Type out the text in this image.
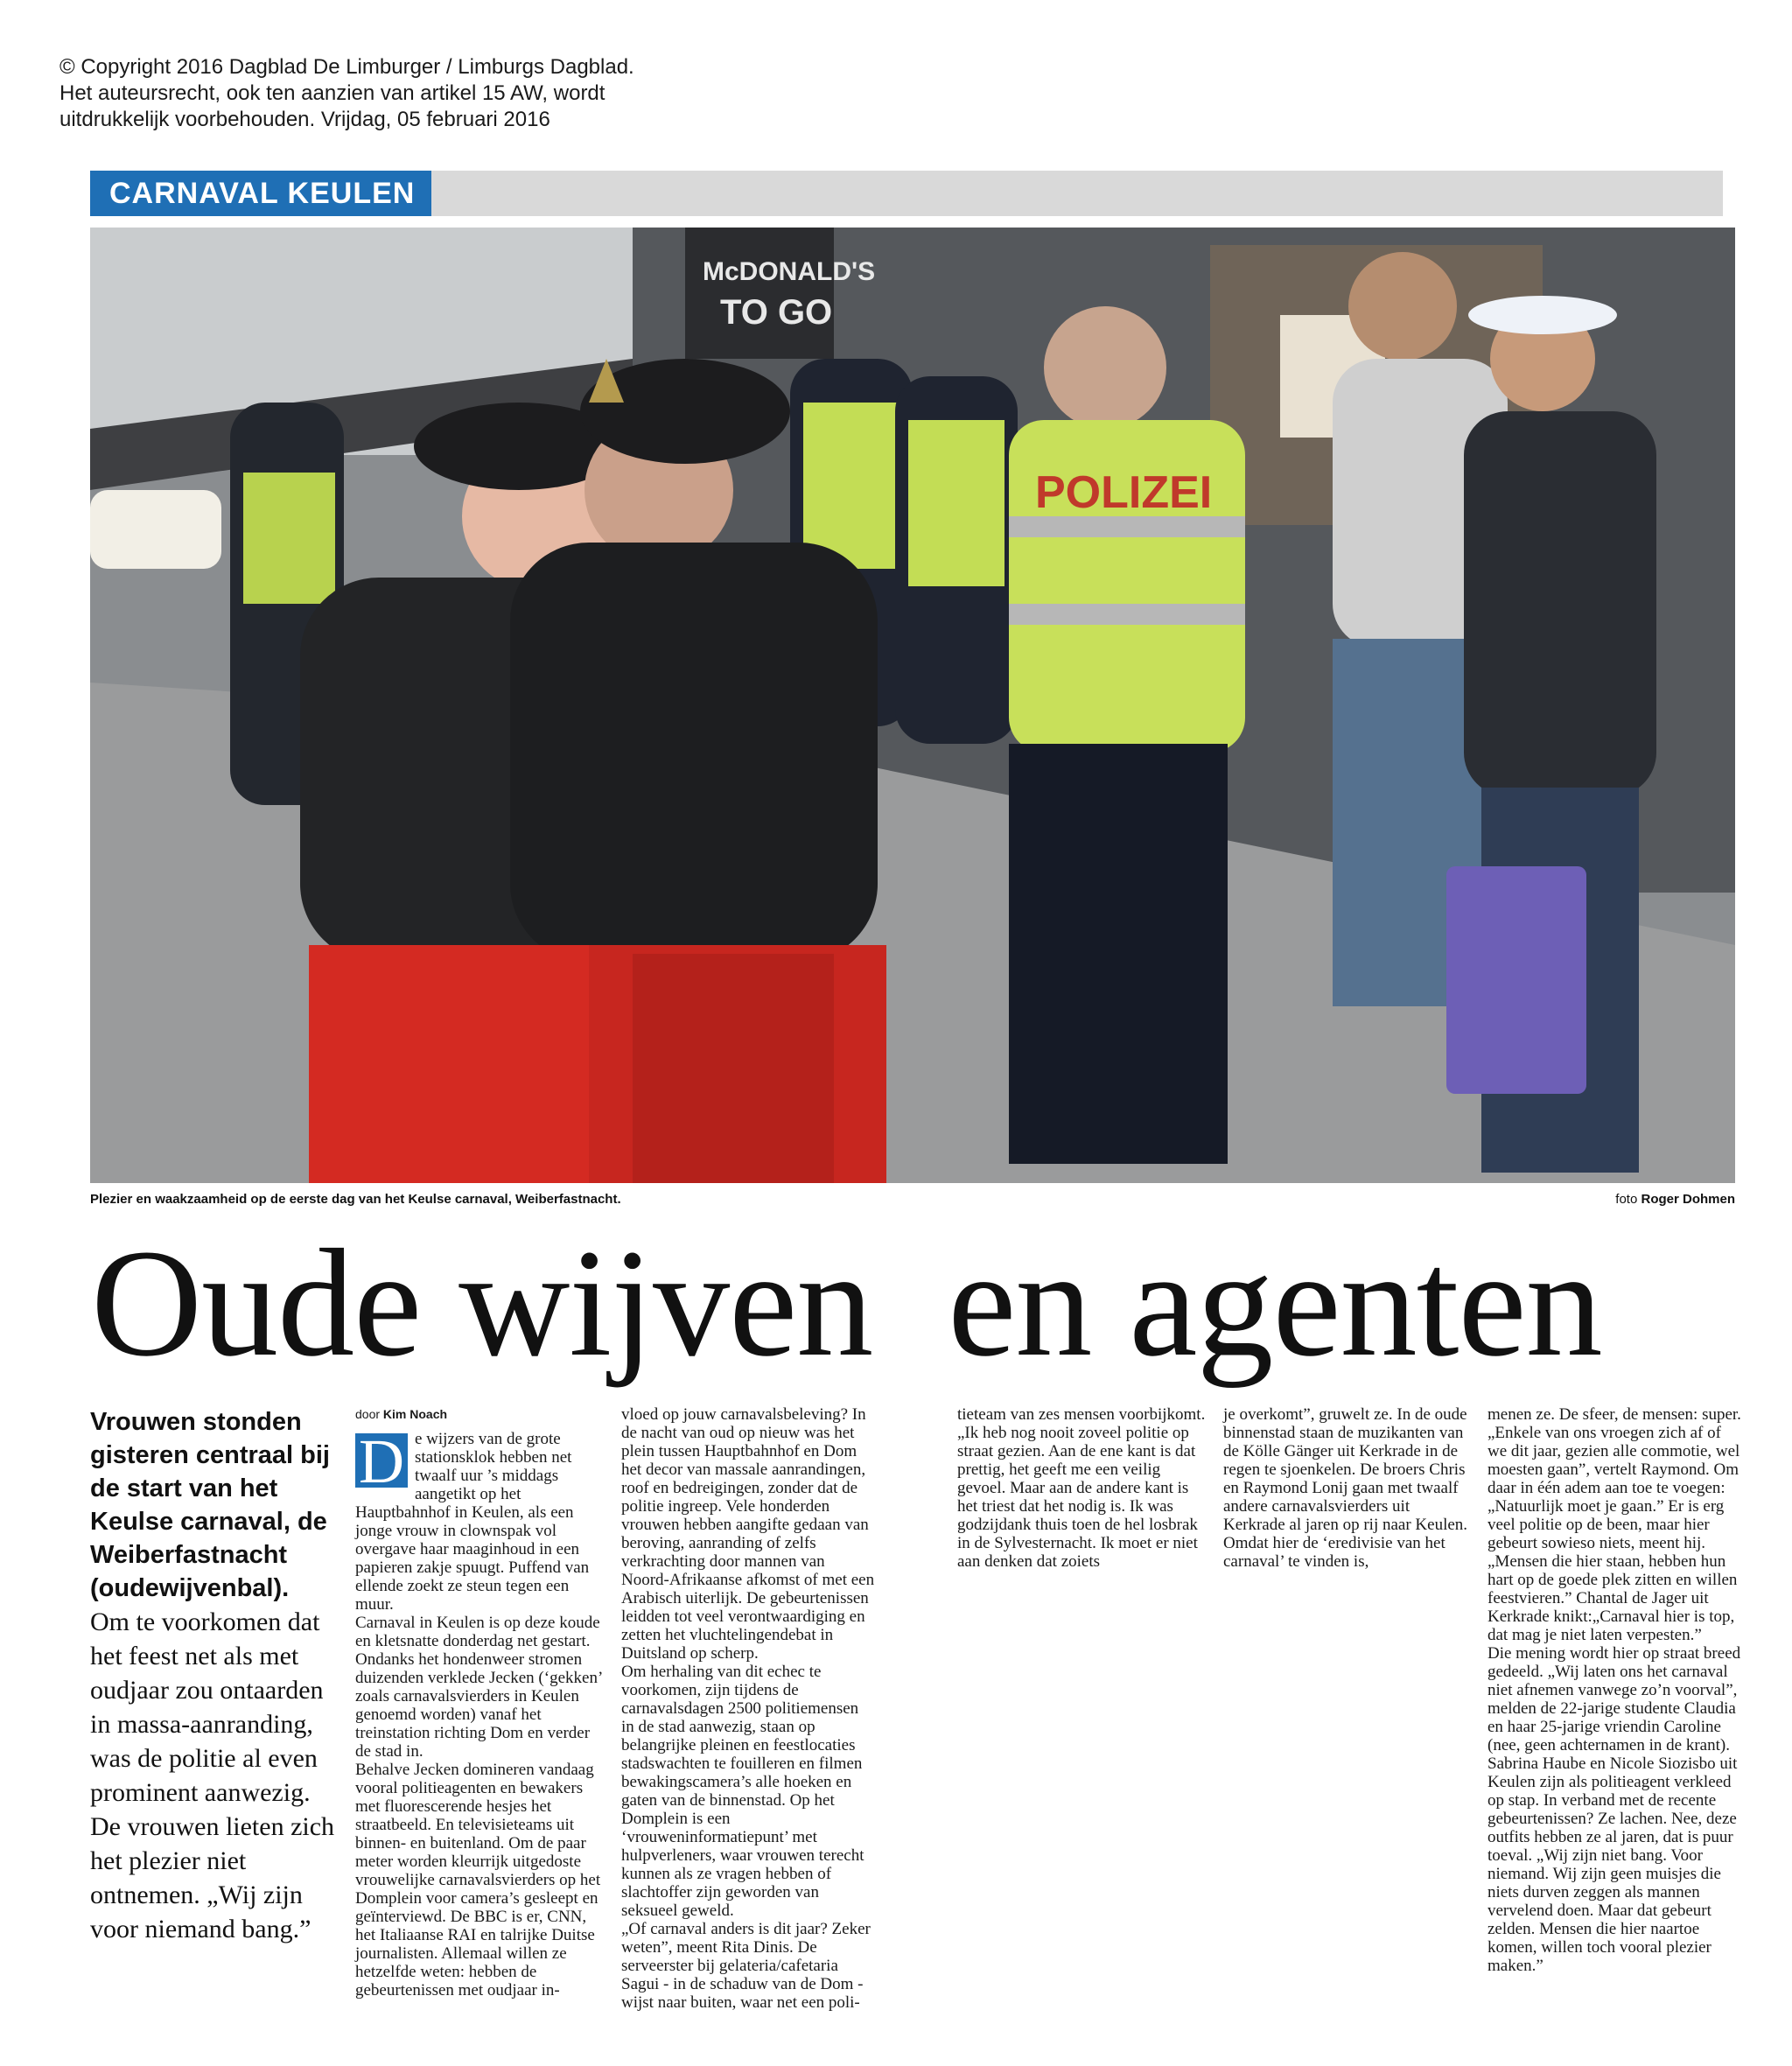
© Copyright 2016 Dagblad De Limburger / Limburgs Dagblad.
Het auteursrecht, ook ten aanzien van artikel 15 AW, wordt
uitdrukkelijk voorbehouden. Vrijdag, 05 februari 2016
CARNAVAL KEULEN
McDONALD'S
TO GO
POLIZEI
Plezier en waakzaamheid op de eerste dag van het Keulse carnaval, Weiberfastnacht.	foto Roger Dohmen
Oude wijven  en agenten
Vrouwen stonden gisteren centraal bij de start van het Keulse carnaval, de Weiberfastnacht (oudewijvenbal).
Om te voorkomen dat het feest net als met oudjaar zou ontaarden in massa-aanranding, was de politie al even prominent aanwezig. De vrouwen lieten zich het plezier niet ontnemen. „Wij zijn voor niemand bang.”
door Kim Noach
D e wijzers van de grote stationsklok hebben net twaalf uur ’s middags aangetikt op het Hauptbahnhof in Keulen, als een jonge vrouw in clownspak vol overgave haar maaginhoud in een papieren zakje spuugt. Puffend van ellende zoekt ze steun tegen een muur.

Carnaval in Keulen is op deze koude en kletsnatte donderdag net gestart. Ondanks het hondenweer stromen duizenden verklede Jecken (‘gekken’ zoals carnavalsvierders in Keulen genoemd worden) vanaf het treinstation richting Dom en verder de stad in.

Behalve Jecken domineren vandaag vooral politieagenten en bewakers met fluorescerende hesjes het straatbeeld. En televisieteams uit binnen- en buitenland. Om de paar meter worden kleurrijk uitgedoste vrouwelijke carnavalsvierders op het Domplein voor camera’s gesleept en geïnterviewd. De BBC is er, CNN, het Italiaanse RAI en talrijke Duitse journalisten. Allemaal willen ze hetzelfde weten: hebben de gebeurtenissen met oudjaar in-

vloed op jouw carnavalsbeleving? In de nacht van oud op nieuw was het plein tussen Hauptbahnhof en Dom het decor van massale aanrandingen, roof en bedreigingen, zonder dat de politie ingreep. Vele honderden vrouwen hebben aangifte gedaan van beroving, aanranding of zelfs verkrachting door mannen van Noord-Afrikaanse afkomst of met een Arabisch uiterlijk. De gebeurtenissen leidden tot veel verontwaardiging en zetten het vluchtelingendebat in Duitsland op scherp.

Om herhaling van dit echec te voorkomen, zijn tijdens de carnavalsdagen 2500 politiemensen in de stad aanwezig, staan op belangrijke pleinen en feestlocaties stadswachten te fouilleren en filmen bewakingscamera’s alle hoeken en gaten van de binnenstad. Op het Domplein is een ‘vrouweninformatiepunt’ met hulpverleners, waar vrouwen terecht kunnen als ze vragen hebben of slachtoffer zijn geworden van seksueel geweld.

„Of carnaval anders is dit jaar? Zeker weten”, meent Rita Dinis. De serveerster bij gelateria/cafetaria Sagui - in de schaduw van de Dom - wijst naar buiten, waar net een poli-

tieteam van zes mensen voorbijkomt. „Ik heb nog nooit zoveel politie op straat gezien. Aan de ene kant is dat prettig, het geeft me een veilig gevoel. Maar aan de andere kant is het triest dat het nodig is. Ik was godzijdank thuis toen de hel losbrak in de Sylvesternacht. Ik moet er niet aan denken dat zoiets

je overkomt”, gruwelt ze. In de oude binnenstad staan de muzikanten van de Kölle Gänger uit Kerkrade in de regen te sjoenkelen. De broers Chris en Raymond Lonij gaan met twaalf andere carnavalsvierders uit Kerkrade al jaren op rij naar Keulen. Omdat hier de ‘eredivisie van het carnaval’ te vinden is,

menen ze. De sfeer, de mensen: super. „Enkele van ons vroegen zich af of we dit jaar, gezien alle commotie, wel moesten gaan”, vertelt Raymond. Om daar in één adem aan toe te voegen: „Natuurlijk moet je gaan.” Er is erg veel politie op de been, maar hier gebeurt sowieso niets, meent hij. „Mensen die hier staan, hebben hun hart op de goede plek zitten en willen feestvieren.” Chantal de Jager uit Kerkrade knikt:„Carnaval hier is top, dat mag je niet laten verpesten.”

Die mening wordt hier op straat breed gedeeld. „Wij laten ons het carnaval niet afnemen vanwege zo’n voorval”, melden de 22-jarige studente Claudia en haar 25-jarige vriendin Caroline (nee, geen achternamen in de krant).

Sabrina Haube en Nicole Siozisbo uit Keulen zijn als politieagent verkleed op stap. In verband met de recente gebeurtenissen? Ze lachen. Nee, deze outfits hebben ze al jaren, dat is puur toeval. „Wij zijn niet bang. Voor niemand. Wij zijn geen muisjes die niets durven zeggen als mannen vervelend doen. Maar dat gebeurt zelden. Mensen die hier naartoe komen, willen toch vooral plezier maken.”
